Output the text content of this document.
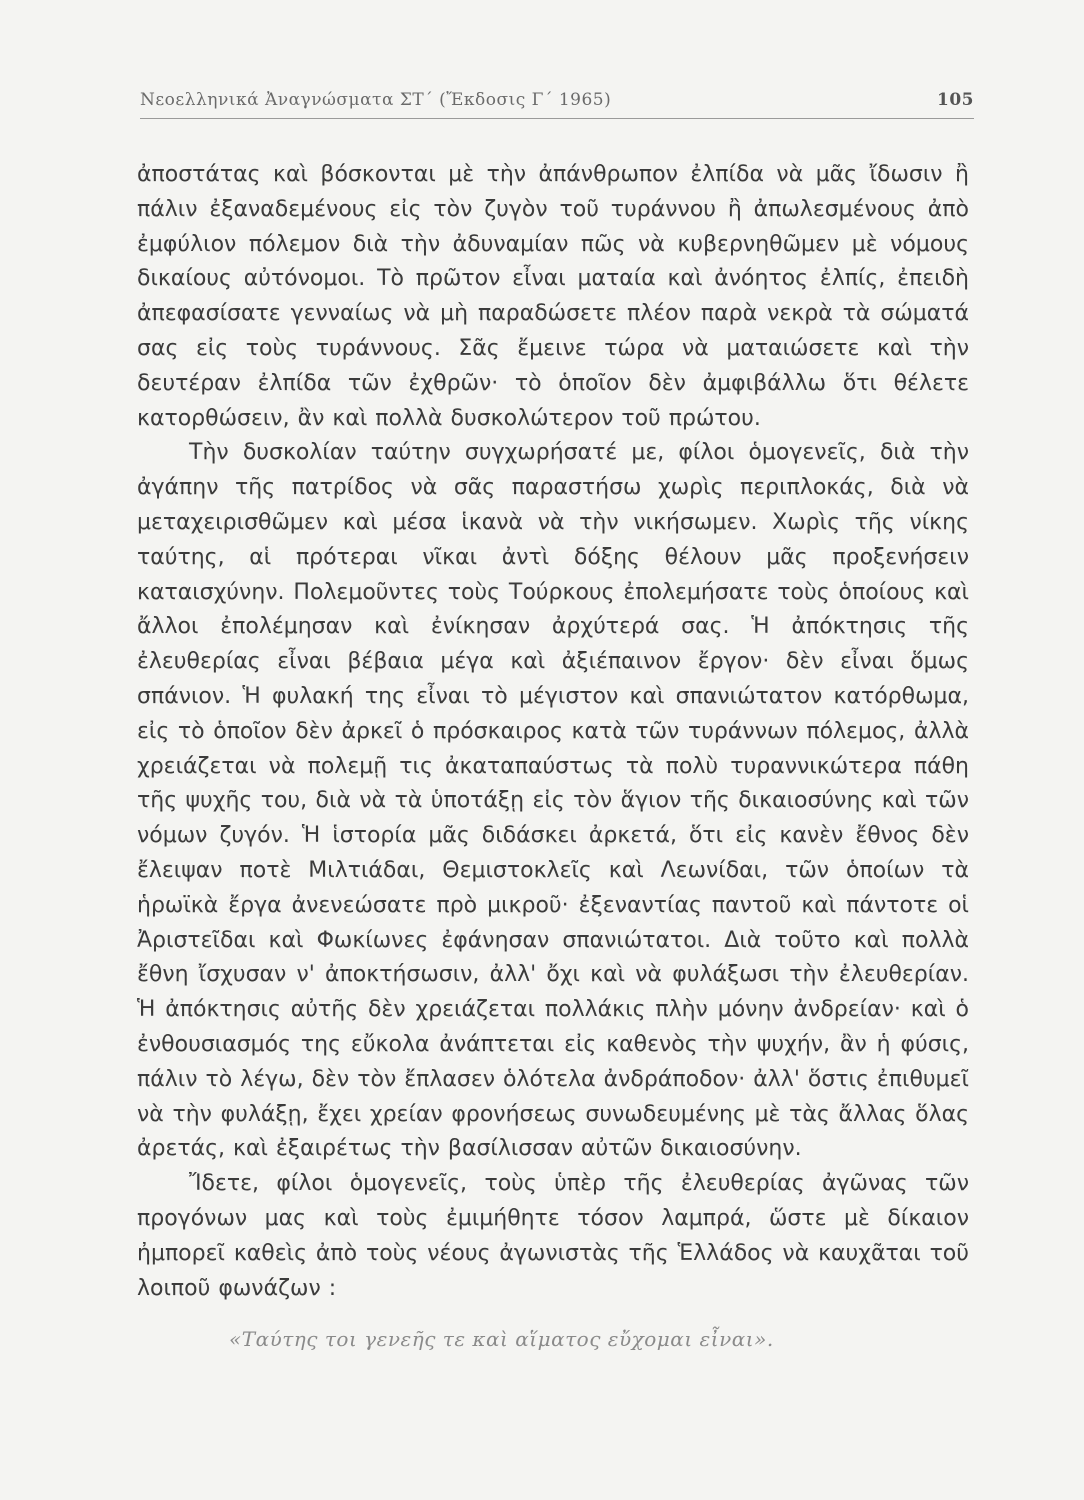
Νεοελληνικά Ἀναγνώσματα ΣΤ΄ (Ἔκδοσις Γ΄ 1965)	105

ἀποστάτας καὶ βόσκονται μὲ τὴν ἀπάνθρωπον ἐλπίδα νὰ μᾶς ἴδωσιν ἢ πάλιν ἐξαναδεμένους εἰς τὸν ζυγὸν τοῦ τυράννου ἢ ἀπωλεσμένους ἀπὸ ἐμφύλιον πόλεμον διὰ τὴν ἀδυναμίαν πῶς νὰ κυβερνηθῶμεν μὲ νόμους δικαίους αὐτόνομοι. Τὸ πρῶτον εἶναι ματαία καὶ ἀνόητος ἐλπίς, ἐπειδὴ ἀπεφασίσατε γενναίως νὰ μὴ παραδώσετε πλέον παρὰ νεκρὰ τὰ σώματά σας εἰς τοὺς τυράννους. Σᾶς ἔμεινε τώρα νὰ ματαιώσετε καὶ τὴν δευτέραν ἐλπίδα τῶν ἐχθρῶν· τὸ ὁποῖον δὲν ἀμφιβάλλω ὅτι θέλετε κατορθώσειν, ἂν καὶ πολλὰ δυσκολώτερον τοῦ πρώτου.

Τὴν δυσκολίαν ταύτην συγχωρήσατέ με, φίλοι ὁμογενεῖς, διὰ τὴν ἀγάπην τῆς πατρίδος νὰ σᾶς παραστήσω χωρὶς περιπλοκάς, διὰ νὰ μεταχειρισθῶμεν καὶ μέσα ἱκανὰ νὰ τὴν νικήσωμεν. Χωρὶς τῆς νίκης ταύτης, αἱ πρότεραι νῖκαι ἀντὶ δόξης θέλουν μᾶς προξενήσειν καταισχύνην. Πολεμοῦντες τοὺς Τούρκους ἐπολεμήσατε τοὺς ὁποίους καὶ ἄλλοι ἐπολέμησαν καὶ ἐνίκησαν ἀρχύτερά σας. Ἡ ἀπόκτησις τῆς ἐλευθερίας εἶναι βέβαια μέγα καὶ ἀξιέπαινον ἔργον· δὲν εἶναι ὅμως σπάνιον. Ἡ φυλακή της εἶναι τὸ μέγιστον καὶ σπανιώτατον κατόρθωμα, εἰς τὸ ὁποῖον δὲν ἀρκεῖ ὁ πρόσκαιρος κατὰ τῶν τυράννων πόλεμος, ἀλλὰ χρειάζεται νὰ πολεμῇ τις ἀκαταπαύστως τὰ πολὺ τυραννικώτερα πάθη τῆς ψυχῆς του, διὰ νὰ τὰ ὑποτάξῃ εἰς τὸν ἅγιον τῆς δικαιοσύνης καὶ τῶν νόμων ζυγόν. Ἡ ἱστορία μᾶς διδάσκει ἀρκετά, ὅτι εἰς κανὲν ἔθνος δὲν ἔλειψαν ποτὲ Μιλτιάδαι, Θεμιστοκλεῖς καὶ Λεωνίδαι, τῶν ὁποίων τὰ ἡρωϊκὰ ἔργα ἀνενεώσατε πρὸ μικροῦ· ἐξεναντίας παντοῦ καὶ πάντοτε οἱ Ἀριστεῖδαι καὶ Φωκίωνες ἐφάνησαν σπανιώτατοι. Διὰ τοῦτο καὶ πολλὰ ἔθνη ἴσχυσαν ν' ἀποκτήσωσιν, ἀλλ' ὄχι καὶ νὰ φυλάξωσι τὴν ἐλευθερίαν. Ἡ ἀπόκτησις αὐτῆς δὲν χρειάζεται πολλάκις πλὴν μόνην ἀνδρείαν· καὶ ὁ ἐνθουσιασμός της εὔκολα ἀνάπτεται εἰς καθενὸς τὴν ψυχήν, ἂν ἡ φύσις, πάλιν τὸ λέγω, δὲν τὸν ἔπλασεν ὁλότελα ἀνδράποδον· ἀλλ' ὅστις ἐπιθυμεῖ νὰ τὴν φυλάξῃ, ἔχει χρείαν φρονήσεως συνωδευμένης μὲ τὰς ἄλλας ὅλας ἀρετάς, καὶ ἐξαιρέτως τὴν βασίλισσαν αὐτῶν δικαιοσύνην.

Ἴδετε, φίλοι ὁμογενεῖς, τοὺς ὑπὲρ τῆς ἐλευθερίας ἀγῶνας τῶν προγόνων μας καὶ τοὺς ἐμιμήθητε τόσον λαμπρά, ὥστε μὲ δίκαιον ἠμπορεῖ καθεὶς ἀπὸ τοὺς νέους ἀγωνιστὰς τῆς Ἑλλάδος νὰ καυχᾶται τοῦ λοιποῦ φωνάζων :

«Ταύτης τοι γενεῆς τε καὶ αἵματος εὔχομαι εἶναι».
